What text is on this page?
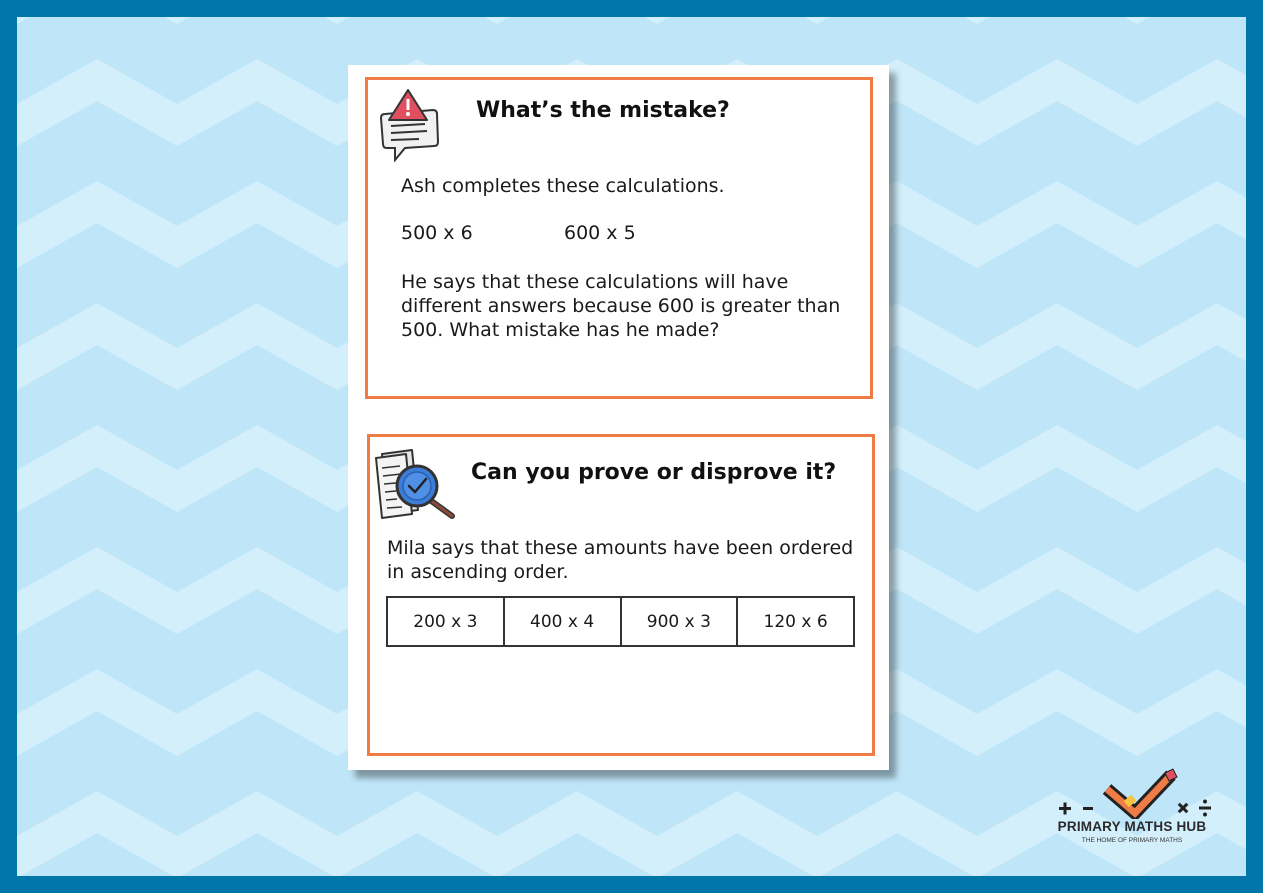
What’s the mistake?

Ash completes these calculations.

500 x 6	600 x 5

He says that these calculations will have different answers because 600 is greater than 500. What mistake has he made?

Can you prove or disprove it?

Mila says that these amounts have been ordered in ascending order.

200 x 3	400 x 4	900 x 3	120 x 6
PRIMARY MATHS HUB
THE HOME OF PRIMARY MATHS
